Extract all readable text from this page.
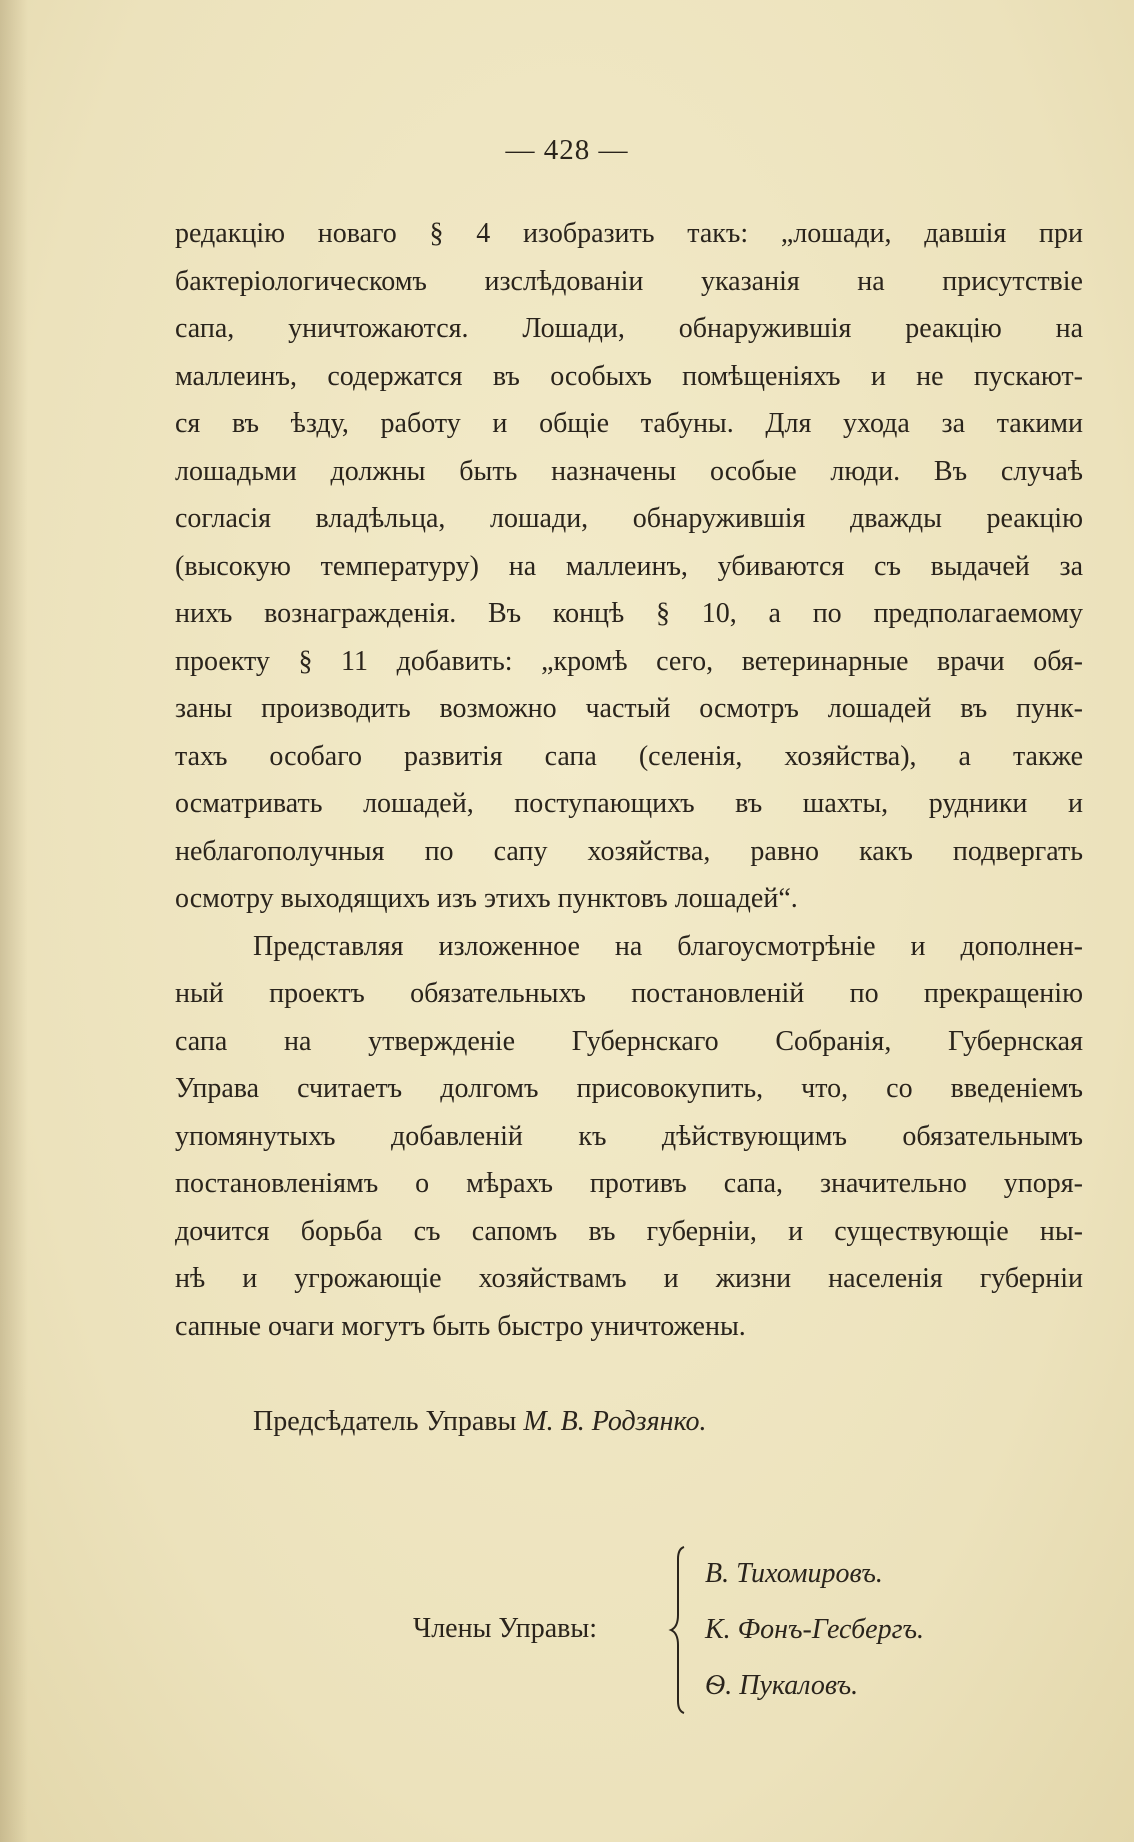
— 428 —
редакцію новаго § 4 изобразить такъ: „лошади, давшія при
бактеріологическомъ изслѣдованіи указанія на присутствіе
сапа, уничтожаются. Лошади, обнаружившія реакцію на
маллеинъ, содержатся въ особыхъ помѣщеніяхъ и не пускают-
ся въ ѣзду, работу и общіе табуны. Для ухода за такими
лошадьми должны быть назначены особые люди. Въ случаѣ
согласія владѣльца, лошади, обнаружившія дважды реакцію
(высокую температуру) на маллеинъ, убиваются съ выдачей за
нихъ вознагражденія. Въ концѣ § 10, а по предполагаемому
проекту § 11 добавить: „кромѣ сего, ветеринарные врачи обя-
заны производить возможно частый осмотръ лошадей въ пунк-
тахъ особаго развитія сапа (селенія, хозяйства), а также
осматривать лошадей, поступающихъ въ шахты, рудники и
неблагополучныя по сапу хозяйства, равно какъ подвергать
осмотру выходящихъ изъ этихъ пунктовъ лошадей“.
Представляя изложенное на благоусмотрѣніе и дополнен-
ный проектъ обязательныхъ постановленій по прекращенію
сапа на утвержденіе Губернскаго Собранія, Губернская
Управа считаетъ долгомъ присовокупить, что, со введеніемъ
упомянутыхъ добавленій къ дѣйствующимъ обязательнымъ
постановленіямъ о мѣрахъ противъ сапа, значительно упоря-
дочится борьба съ сапомъ въ губерніи, и существующіе ны-
нѣ и угрожающіе хозяйствамъ и жизни населенія губерніи
сапные очаги могутъ быть быстро уничтожены.
Предсѣдатель Управы М. В. Родзянко.
Члены Управы:
В. Тихомировъ.
К. Фонъ-Гесбергъ.
Ѳ. Пукаловъ.
